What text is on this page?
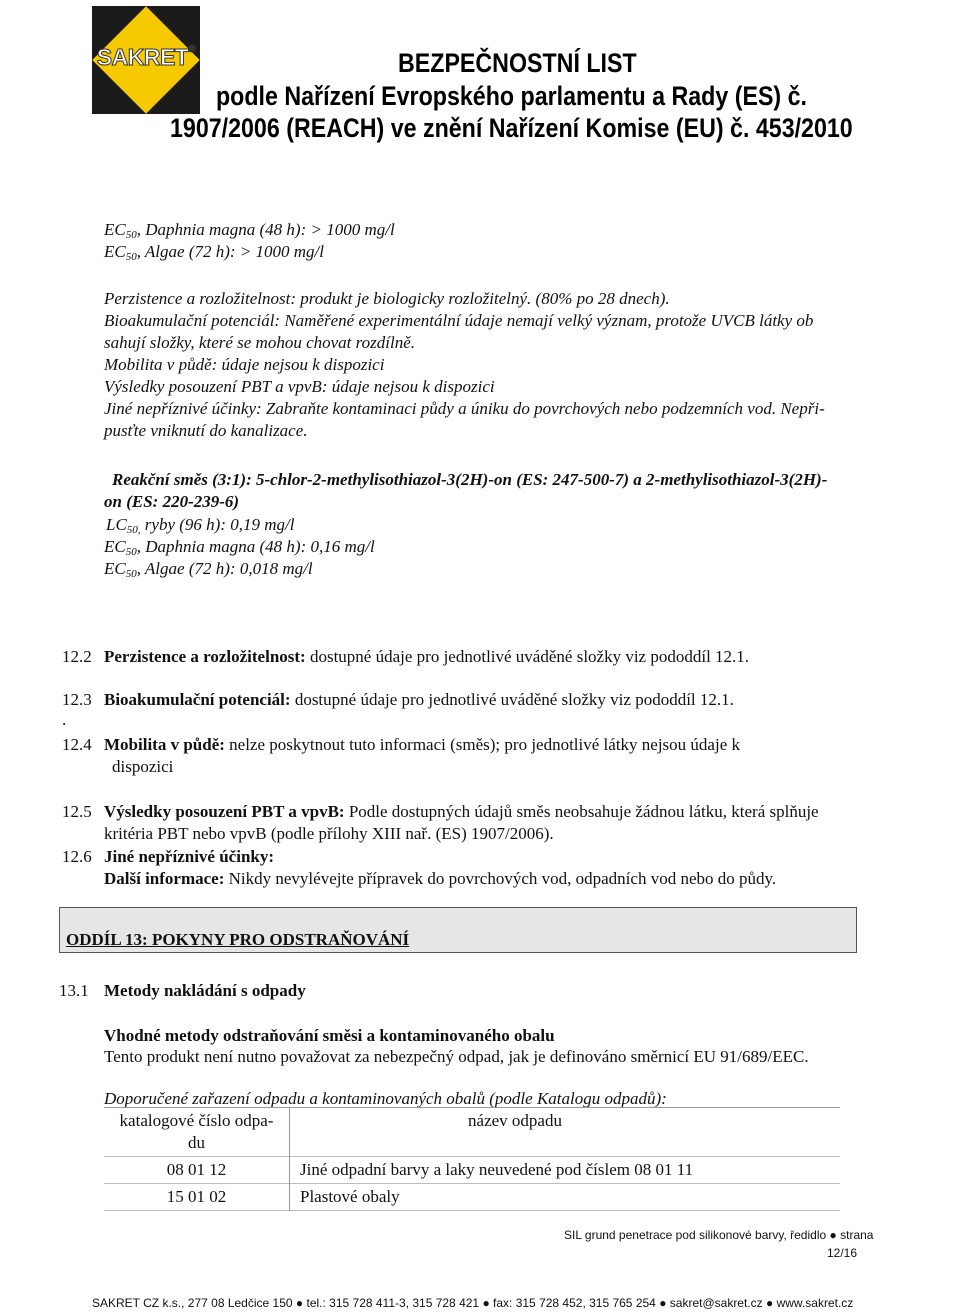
SAKRET®	BEZPEČNOSTNÍ LIST
podle Nařízení Evropského parlamentu a Rady (ES) č.
1907/2006 (REACH) ve znění Nařízení Komise (EU) č. 453/2010
$EC_{50}$, Daphnia magna (48 h): > 1000 mg/l
$EC_{50}$, Algae (72 h): > 1000 mg/l
Perzistence a rozložitelnost: produkt je biologicky rozložitelný. (80% po 28 dnech).
Bioakumulační potenciál: Naměřené experimentální údaje nemají velký význam, protože UVCB látky ob
sahují složky, které se mohou chovat rozdílně.
Mobilita v půdě: údaje nejsou k dispozici
Výsledky posouzení PBT a vpvB: údaje nejsou k dispozici
Jiné nepříznivé účinky: Zabraňte kontaminaci půdy a úniku do povrchových nebo podzemních vod. Nepři-
pusťte vniknutí do kanalizace.
Reakční směs (3:1): 5-chlor-2-methylisothiazol-3(2H)-on (ES: 247-500-7) a 2-methylisothiazol-3(2H)-
on (ES: 220-239-6)
$LC_{50,}$ ryby (96 h): 0,19 mg/l
$EC_{50}$, Daphnia magna (48 h): 0,16 mg/l
$EC_{50}$, Algae (72 h): 0,018 mg/l
12.2 Perzistence a rozložitelnost: dostupné údaje pro jednotlivé uváděné složky viz pododdíl 12.1.
12.3 Bioakumulační potenciál: dostupné údaje pro jednotlivé uváděné složky viz pododdíl 12.1.
.
12.4 Mobilita v půdě: nelze poskytnout tuto informaci (směs); pro jednotlivé látky nejsou údaje k
dispozici
12.5 Výsledky posouzení PBT a vpvB: Podle dostupných údajů směs neobsahuje žádnou látku, která splňuje
kritéria PBT nebo vpvB (podle přílohy XIII nař. (ES) 1907/2006).
12.6 Jiné nepříznivé účinky:
Další informace: Nikdy nevylévejte přípravek do povrchových vod, odpadních vod nebo do půdy.
ODDÍL 13: POKYNY PRO ODSTRAŇOVÁNÍ
13.1 Metody nakládání s odpady
Vhodné metody odstraňování směsi a kontaminovaného obalu
Tento produkt není nutno považovat za nebezpečný odpad, jak je definováno směrnicí EU 91/689/EEC.
Doporučené zařazení odpadu a kontaminovaných obalů (podle Katalogu odpadů):
katalogové číslo odpa-du	název odpadu
08 01 12	Jiné odpadní barvy a laky neuvedené pod číslem 08 01 11
15 01 02	Plastové obaly
SIL grund penetrace pod silikonové barvy, ředidlo ● strana
12/16
SAKRET CZ k.s., 277 08 Ledčice 150 ● tel.: 315 728 411-3, 315 728 421 ● fax: 315 728 452, 315 765 254 ● sakret@sakret.cz ● www.sakret.cz
